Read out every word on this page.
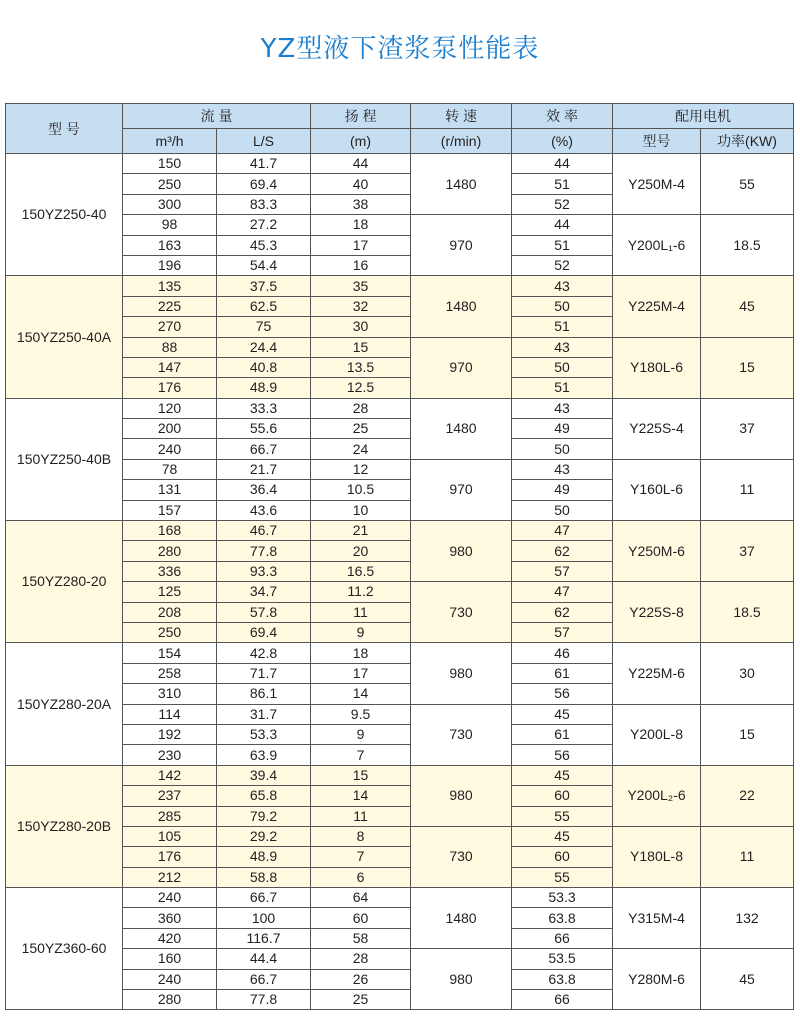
YZ型液下渣浆泵性能表
型 号	流 量		扬 程	转 速	效 率	配用电机	
	m³/h	L/S	(m)	(r/min)	(%)	型号	功率(KW)
150YZ250-40	150	41.7	44	1480	44	Y250M-4	55
	250	69.4	40		51		
	300	83.3	38		52		
	98	27.2	18	970	44	Y200L₁-6	18.5
	163	45.3	17		51		
	196	54.4	16		52		
150YZ250-40A	135	37.5	35	1480	43	Y225M-4	45
	225	62.5	32		50		
	270	75	30		51		
	88	24.4	15	970	43	Y180L-6	15
	147	40.8	13.5		50		
	176	48.9	12.5		51		
150YZ250-40B	120	33.3	28	1480	43	Y225S-4	37
	200	55.6	25		49		
	240	66.7	24		50		
	78	21.7	12	970	43	Y160L-6	11
	131	36.4	10.5		49		
	157	43.6	10		50		
150YZ280-20	168	46.7	21	980	47	Y250M-6	37
	280	77.8	20		62		
	336	93.3	16.5		57		
	125	34.7	11.2	730	47	Y225S-8	18.5
	208	57.8	11		62		
	250	69.4	9		57		
150YZ280-20A	154	42.8	18	980	46	Y225M-6	30
	258	71.7	17		61		
	310	86.1	14		56		
	114	31.7	9.5	730	45	Y200L-8	15
	192	53.3	9		61		
	230	63.9	7		56		
150YZ280-20B	142	39.4	15	980	45	Y200L₂-6	22
	237	65.8	14		60		
	285	79.2	11		55		
	105	29.2	8	730	45	Y180L-8	11
	176	48.9	7		60		
	212	58.8	6		55		
150YZ360-60	240	66.7	64	1480	53.3	Y315M-4	132
	360	100	60		63.8		
	420	116.7	58		66		
	160	44.4	28	980	53.5	Y280M-6	45
	240	66.7	26		63.8		
	280	77.8	25		66		
